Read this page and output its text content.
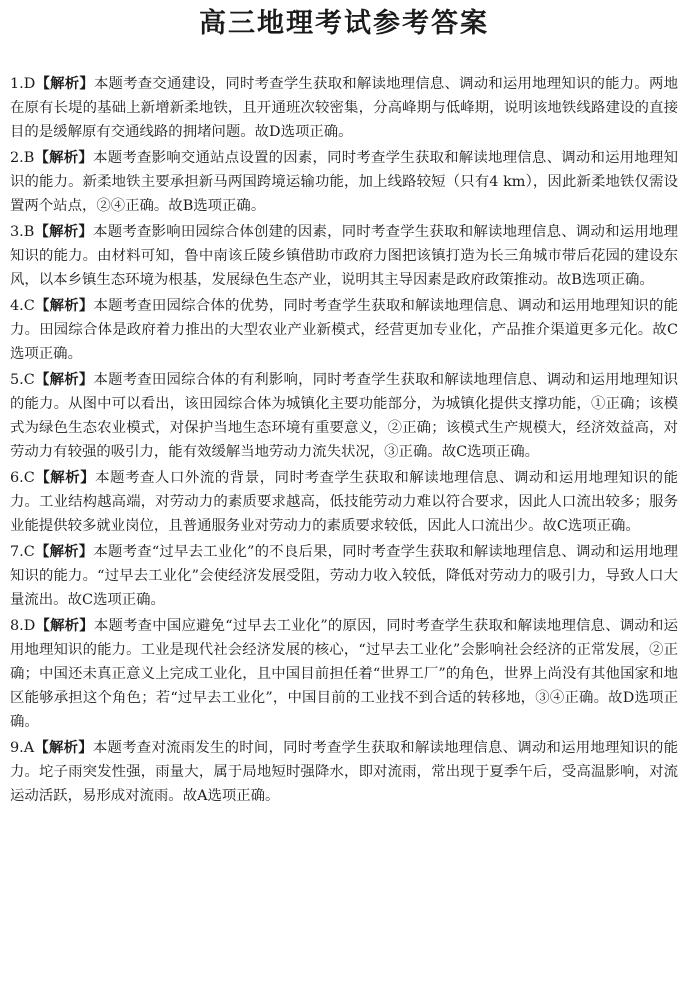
高三地理考试参考答案

1.D【解析】本题考查交通建设，同时考查学生获取和解读地理信息、调动和运用地理知识的能力。两地在原有长堤的基础上新增新柔地铁，且开通班次较密集，分高峰期与低峰期，说明该地铁线路建设的直接目的是缓解原有交通线路的拥堵问题。故D选项正确。

2.B【解析】本题考查影响交通站点设置的因素，同时考查学生获取和解读地理信息、调动和运用地理知识的能力。新柔地铁主要承担新马两国跨境运输功能，加上线路较短（只有4 km），因此新柔地铁仅需设置两个站点，②④正确。故B选项正确。

3.B【解析】本题考查影响田园综合体创建的因素，同时考查学生获取和解读地理信息、调动和运用地理知识的能力。由材料可知，鲁中南该丘陵乡镇借助市政府力图把该镇打造为长三角城市带后花园的建设东风，以本乡镇生态环境为根基，发展绿色生态产业，说明其主导因素是政府政策推动。故B选项正确。

4.C【解析】本题考查田园综合体的优势，同时考查学生获取和解读地理信息、调动和运用地理知识的能力。田园综合体是政府着力推出的大型农业产业新模式，经营更加专业化，产品推介渠道更多元化。故C选项正确。

5.C【解析】本题考查田园综合体的有利影响，同时考查学生获取和解读地理信息、调动和运用地理知识的能力。从图中可以看出，该田园综合体为城镇化主要功能部分，为城镇化提供支撑功能，①正确；该模式为绿色生态农业模式，对保护当地生态环境有重要意义，②正确；该模式生产规模大，经济效益高，对劳动力有较强的吸引力，能有效缓解当地劳动力流失状况，③正确。故C选项正确。

6.C【解析】本题考查人口外流的背景，同时考查学生获取和解读地理信息、调动和运用地理知识的能力。工业结构越高端，对劳动力的素质要求越高，低技能劳动力难以符合要求，因此人口流出较多；服务业能提供较多就业岗位，且普通服务业对劳动力的素质要求较低，因此人口流出少。故C选项正确。

7.C【解析】本题考查“过早去工业化”的不良后果，同时考查学生获取和解读地理信息、调动和运用地理知识的能力。“过早去工业化”会使经济发展受阻，劳动力收入较低，降低对劳动力的吸引力，导致人口大量流出。故C选项正确。

8.D【解析】本题考查中国应避免“过早去工业化”的原因，同时考查学生获取和解读地理信息、调动和运用地理知识的能力。工业是现代社会经济发展的核心，“过早去工业化”会影响社会经济的正常发展，②正确；中国还未真正意义上完成工业化，且中国目前担任着“世界工厂”的角色，世界上尚没有其他国家和地区能够承担这个角色；若“过早去工业化”，中国目前的工业找不到合适的转移地，③④正确。故D选项正确。

9.A【解析】本题考查对流雨发生的时间，同时考查学生获取和解读地理信息、调动和运用地理知识的能力。坨子雨突发性强，雨量大，属于局地短时强降水，即对流雨，常出现于夏季午后，受高温影响，对流运动活跃，易形成对流雨。故A选项正确。
